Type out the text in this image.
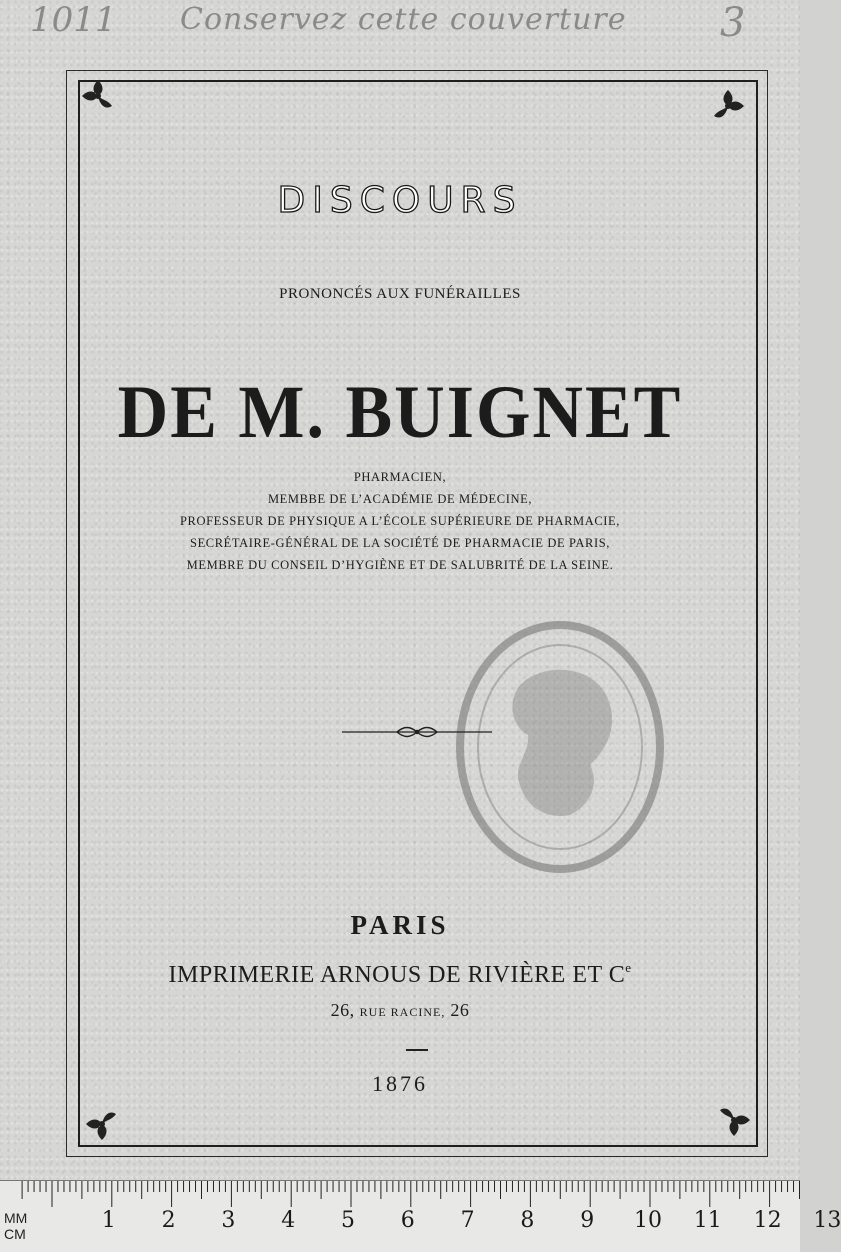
1011 Conservez cette couverture 3
DISCOURS
PRONONCÉS AUX FUNÉRAILLES
DE M. BUIGNET
PHARMACIEN,
MEMBBE DE L’ACADÉMIE DE MÉDECINE,
PROFESSEUR DE PHYSIQUE A L’ÉCOLE SUPÉRIEURE DE PHARMACIE,
SECRÉTAIRE-GÉNÉRAL DE LA SOCIÉTÉ DE PHARMACIE DE PARIS,
MEMBRE DU CONSEIL D’HYGIÈNE ET DE SALUBRITÉ DE LA SEINE.
PARIS
IMPRIMERIE ARNOUS DE RIVIÈRE ET Ce
26, RUE RACINE, 26
1876
MM
CM
1 2 3 4 5 6 7 8 9 10 11 12 13
